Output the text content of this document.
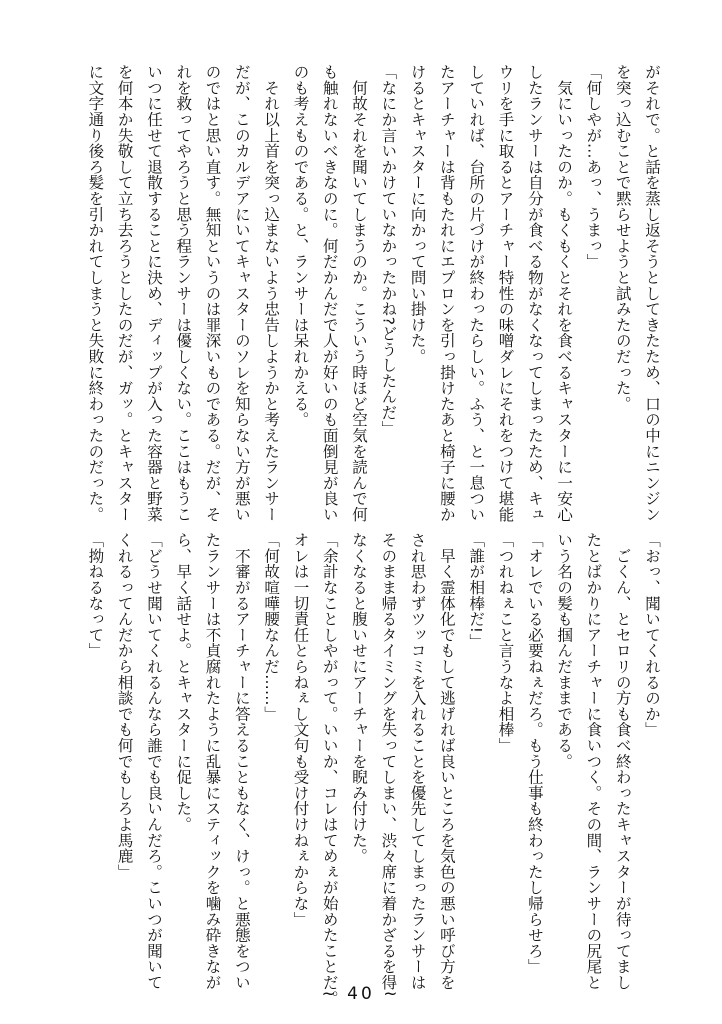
がそれで。と話を蒸し返そうとしてきたため、口の中にニンジン
を突っ込むことで黙らせようと試みたのだった。
「何しやが…あっ、うまっ」
　気にいったのか。もくもくとそれを食べるキャスターに一安心
したランサーは自分が食べる物がなくなってしまったため、キュ
ウリを手に取るとアーチャー特性の味噌ダレにそれをつけて堪能
していれば、台所の片づけが終わったらしい。ふう、と一息つい
たアーチャーは背もたれにエプロンを引っ掛けたあと椅子に腰か
けるとキャスターに向かって問い掛けた。
「なにか言いかけていなかったかね?どうしたんだ」
　何故それを聞いてしまうのか。こういう時ほど空気を読んで何
も触れないべきなのに。何だかんだで人が好いのも面倒見が良い
のも考えものである。と、ランサーは呆れかえる。
　それ以上首を突っ込まないよう忠告しようかと考えたランサー
だが、このカルデアにいてキャスターのソレを知らない方が悪い
のではと思い直す。無知というのは罪深いものである。だが、そ
れを救ってやろうと思う程ランサーは優しくない。ここはもうこ
いつに任せて退散することに決め、ディップが入った容器と野菜
を何本か失敬して立ち去ろうとしたのだが、ガッ。とキャスター
に文字通り後ろ髪を引かれてしまうと失敗に終わったのだった。
「おっ、聞いてくれるのか」
　ごくん、とセロリの方も食べ終わったキャスターが待ってまし
たとばかりにアーチャーに食いつく。その間、ランサーの尻尾と
いう名の髪も掴んだままである。
「オレでいる必要ねぇだろ。もう仕事も終わったし帰らせろ」
「つれねぇこと言うなよ相棒」
「誰が相棒だ!」
　早く霊体化でもして逃げれば良いところを気色の悪い呼び方を
され思わずツッコミを入れることを優先してしまったランサーは
そのまま帰るタイミングを失ってしまい、渋々席に着かざるを得
なくなると腹いせにアーチャーを睨み付けた。
「余計なことしやがって。いいか、コレはてめぇが始めたことだ。
オレは一切責任とらねぇし文句も受け付けねぇからな」
「何故喧嘩腰なんだ……」
　不審がるアーチャーに答えることもなく、けっ。と悪態をつい
たランサーは不貞腐れたように乱暴にスティックを噛み砕きなが
ら、早く話せよ。とキャスターに促した。
「どうせ聞いてくれるんなら誰でも良いんだろ。こいつが聞いて
くれるってんだから相談でも何でもしろよ馬鹿」
「拗ねるなって」
~ 40 ~
